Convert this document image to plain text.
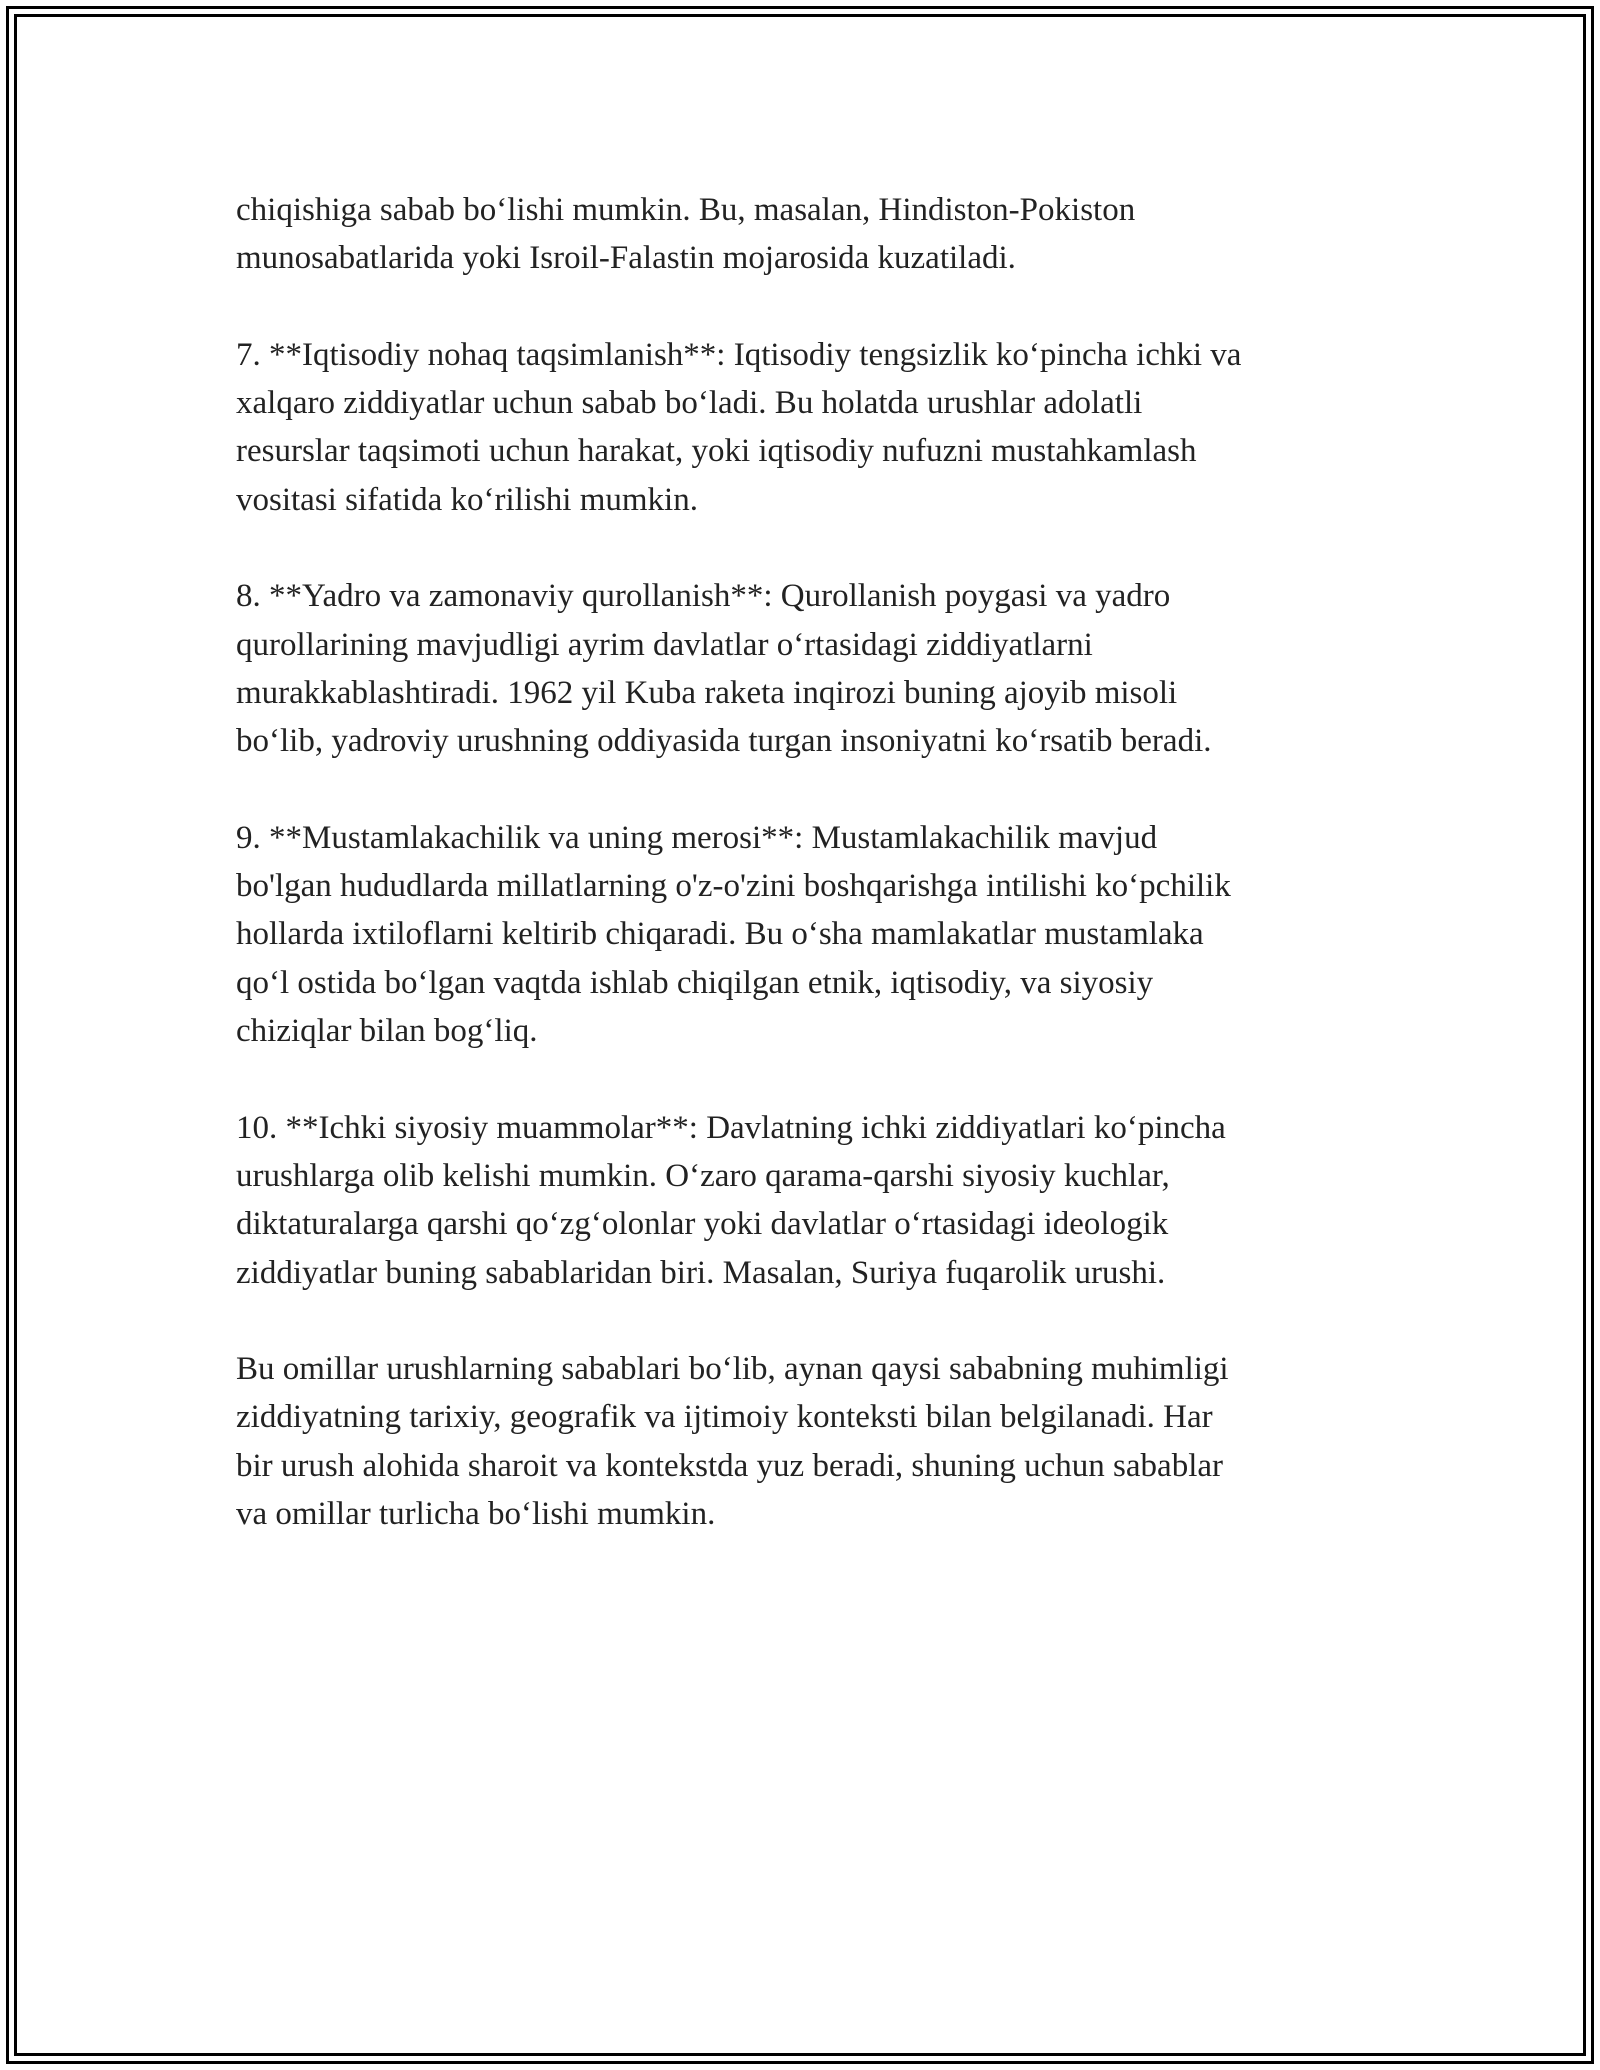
chiqishiga sabab bo‘lishi mumkin. Bu, masalan, Hindiston-Pokiston
munosabatlarida yoki Isroil-Falastin mojarosida kuzatiladi.

7. **Iqtisodiy nohaq taqsimlanish**: Iqtisodiy tengsizlik ko‘pincha ichki va
xalqaro ziddiyatlar uchun sabab bo‘ladi. Bu holatda urushlar adolatli
resurslar taqsimoti uchun harakat, yoki iqtisodiy nufuzni mustahkamlash
vositasi sifatida ko‘rilishi mumkin.

8. **Yadro va zamonaviy qurollanish**: Qurollanish poygasi va yadro
qurollarining mavjudligi ayrim davlatlar o‘rtasidagi ziddiyatlarni
murakkablashtiradi. 1962 yil Kuba raketa inqirozi buning ajoyib misoli
bo‘lib, yadroviy urushning oddiyasida turgan insoniyatni ko‘rsatib beradi.

9. **Mustamlakachilik va uning merosi**: Mustamlakachilik mavjud
bo'lgan hududlarda millatlarning o'z-o'zini boshqarishga intilishi ko‘pchilik
hollarda ixtiloflarni keltirib chiqaradi. Bu o‘sha mamlakatlar mustamlaka
qo‘l ostida bo‘lgan vaqtda ishlab chiqilgan etnik, iqtisodiy, va siyosiy
chiziqlar bilan bog‘liq.

10. **Ichki siyosiy muammolar**: Davlatning ichki ziddiyatlari ko‘pincha
urushlarga olib kelishi mumkin. O‘zaro qarama-qarshi siyosiy kuchlar,
diktaturalarga qarshi qo‘zg‘olonlar yoki davlatlar o‘rtasidagi ideologik
ziddiyatlar buning sabablaridan biri. Masalan, Suriya fuqarolik urushi.

Bu omillar urushlarning sabablari bo‘lib, aynan qaysi sababning muhimligi
ziddiyatning tarixiy, geografik va ijtimoiy konteksti bilan belgilanadi. Har
bir urush alohida sharoit va kontekstda yuz beradi, shuning uchun sabablar
va omillar turlicha bo‘lishi mumkin.
